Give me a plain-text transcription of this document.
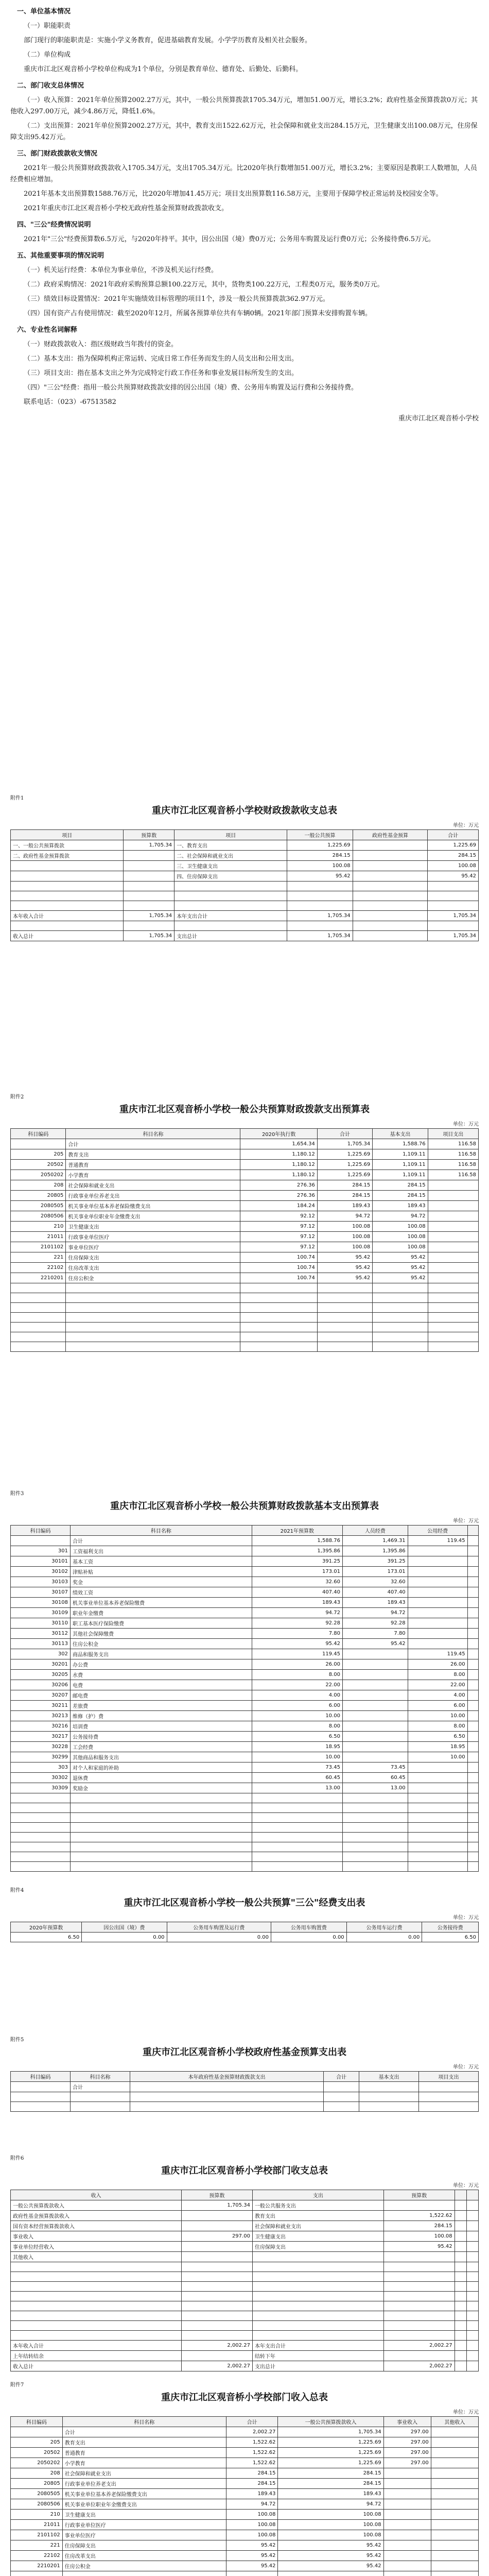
一、单位基本情况

（一）职能职责

部门现行的职能职责是：实施小学义务教育，促进基础教育发展。小学学历教育及相关社会服务。

（二）单位构成

重庆市江北区观音桥小学校单位构成为1个单位，分别是教育单位、德育处、后勤处、后勤科。

二、部门收支总体情况

（一）收入预算：2021年单位预算2002.27万元，其中，一般公共预算拨款1705.34万元，增加51.00万元，增长3.2%；政府性基金预算拨款0万元；其他收入297.00万元，减少4.86万元，降低1.6%。

（二）支出预算：2021年单位预算2002.27万元，其中，教育支出1522.62万元，社会保障和就业支出284.15万元，卫生健康支出100.08万元，住房保障支出95.42万元。

三、部门财政拨款收支情况

2021年一般公共预算财政拨款收入1705.34万元，支出1705.34万元。比2020年执行数增加51.00万元，增长3.2%；主要原因是教职工人数增加，人员经费相应增加。

2021年基本支出预算数1588.76万元，比2020年增加41.45万元；项目支出预算数116.58万元，主要用于保障学校正常运转及校园安全等。

2021年重庆市江北区观音桥小学校无政府性基金预算财政拨款收支。

四、"三公"经费情况说明

2021年"三公"经费预算数6.5万元，与2020年持平。其中，因公出国（境）费0万元；公务用车购置及运行费0万元；公务接待费6.5万元。

五、其他重要事项的情况说明

（一）机关运行经费：本单位为事业单位，不涉及机关运行经费。

（二）政府采购情况：2021年政府采购预算总额100.22万元，其中，货物类100.22万元，工程类0万元，服务类0万元。

（三）绩效目标设置情况：2021年实施绩效目标管理的项目1个，涉及一般公共预算拨款362.97万元。

（四）国有资产占有使用情况：截至2020年12月，所属各预算单位共有车辆0辆。2021年部门预算未安排购置车辆。

六、专业性名词解释

（一）财政拨款收入：指区级财政当年拨付的资金。

（二）基本支出：指为保障机构正常运转、完成日常工作任务而发生的人员支出和公用支出。

（三）项目支出：指在基本支出之外为完成特定行政工作任务和事业发展目标所发生的支出。

（四）"三公"经费：指用一般公共预算财政拨款安排的因公出国（境）费、公务用车购置及运行费和公务接待费。

联系电话：（023）-67513582

重庆市江北区观音桥小学校
附件1
重庆市江北区观音桥小学校财政拨款收支总表
单位：万元
项目	预算数	项目	一般公共预算	政府性基金预算	合计
一、一般公共预算拨款	1,705.34	一、教育支出	1,225.69		1,225.69
二、政府性基金预算拨款		二、社会保障和就业支出	284.15		284.15
		三、卫生健康支出	100.08		100.08
		四、住房保障支出	95.42		95.42

本年收入合计	1,705.34	本年支出合计	1,705.34		1,705.34

收入总计	1,705.34	支出总计	1,705.34		1,705.34
附件2
重庆市江北区观音桥小学校一般公共预算财政拨款支出预算表
单位：万元
科目编码	科目名称	2020年执行数	合计	基本支出	项目支出
	合计	1,654.34	1,705.34	1,588.76	116.58
205	教育支出	1,180.12	1,225.69	1,109.11	116.58
20502	普通教育	1,180.12	1,225.69	1,109.11	116.58
2050202	小学教育	1,180.12	1,225.69	1,109.11	116.58
208	社会保障和就业支出	276.36	284.15	284.15	
20805	行政事业单位养老支出	276.36	284.15	284.15	
2080505	机关事业单位基本养老保险缴费支出	184.24	189.43	189.43	
2080506	机关事业单位职业年金缴费支出	92.12	94.72	94.72	
210	卫生健康支出	97.12	100.08	100.08	
21011	行政事业单位医疗	97.12	100.08	100.08	
2101102	事业单位医疗	97.12	100.08	100.08	
221	住房保障支出	100.74	95.42	95.42	
22102	住房改革支出	100.74	95.42	95.42	
2210201	住房公积金	100.74	95.42	95.42	

附件3
重庆市江北区观音桥小学校一般公共预算财政拨款基本支出预算表
单位：万元
科目编码	科目名称	2021年预算数	人员经费	公用经费	
	合计	1,588.76	1,469.31	119.45	
301	工资福利支出	1,395.86	1,395.86		
30101	基本工资	391.25	391.25		
30102	津贴补贴	173.01	173.01		
30103	奖金	32.60	32.60		
30107	绩效工资	407.40	407.40		
30108	机关事业单位基本养老保险缴费	189.43	189.43		
30109	职业年金缴费	94.72	94.72		
30110	职工基本医疗保险缴费	92.28	92.28		
30112	其他社会保障缴费	7.80	7.80		
30113	住房公积金	95.42	95.42		
302	商品和服务支出	119.45		119.45	
30201	办公费	26.00		26.00	
30205	水费	8.00		8.00	
30206	电费	22.00		22.00	
30207	邮电费	4.00		4.00	
30211	差旅费	6.00		6.00	
30213	维修（护）费	10.00		10.00	
30216	培训费	8.00		8.00	
30217	公务接待费	6.50		6.50	
30228	工会经费	18.95		18.95	
30299	其他商品和服务支出	10.00		10.00	
303	对个人和家庭的补助	73.45	73.45		
30302	退休费	60.45	60.45		
30309	奖励金	13.00	13.00		

附件4
重庆市江北区观音桥小学校一般公共预算"三公"经费支出表
单位：万元
2020年预算数	因公出国（境）费	公务用车购置及运行费	公务用车购置费	公务用车运行费	公务接待费
6.50	0.00	0.00	0.00	0.00	6.50
附件5
重庆市江北区观音桥小学校政府性基金预算支出表
单位：万元
科目编码	科目名称	本年政府性基金预算财政拨款支出	合计	基本支出	项目支出
	合计				

附件6
重庆市江北区观音桥小学校部门收支总表
单位：万元
收入	预算数	支出	预算数		
一般公共预算拨款收入	1,705.34	一般公共服务支出			
政府性基金预算拨款收入		教育支出	1,522.62		
国有资本经营预算拨款收入		社会保障和就业支出	284.15		
事业收入	297.00	卫生健康支出	100.08		
事业单位经营收入		住房保障支出	95.42		
其他收入					

本年收入合计	2,002.27	本年支出合计	2,002.27		
上年结转结余		结转下年			
收入总计	2,002.27	支出总计	2,002.27		
附件7
重庆市江北区观音桥小学校部门收入总表
单位：万元
科目编码	科目名称	合计	一般公共预算拨款收入	事业收入	其他收入
	合计	2,002.27	1,705.34	297.00	
205	教育支出	1,522.62	1,225.69	297.00	
20502	普通教育	1,522.62	1,225.69	297.00	
2050202	小学教育	1,522.62	1,225.69	297.00	
208	社会保障和就业支出	284.15	284.15		
20805	行政事业单位养老支出	284.15	284.15		
2080505	机关事业单位基本养老保险缴费支出	189.43	189.43		
2080506	机关事业单位职业年金缴费支出	94.72	94.72		
210	卫生健康支出	100.08	100.08		
21011	行政事业单位医疗	100.08	100.08		
2101102	事业单位医疗	100.08	100.08		
221	住房保障支出	95.42	95.42		
22102	住房改革支出	95.42	95.42		
2210201	住房公积金	95.42	95.42		
